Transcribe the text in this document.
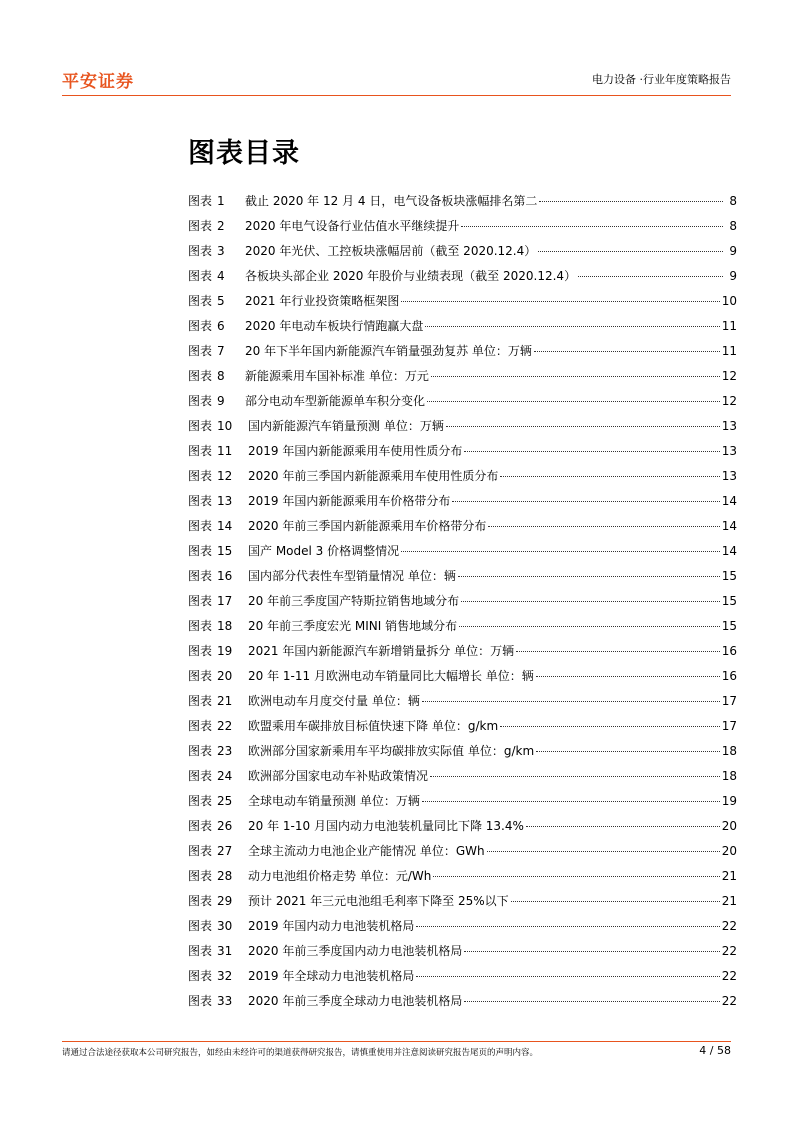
平安证券	电力设备 ·行业年度策略报告
图表目录
图表 1	截止 2020 年 12 月 4 日，电气设备板块涨幅排名第二	8
图表 2	2020 年电气设备行业估值水平继续提升	8
图表 3	2020 年光伏、工控板块涨幅居前（截至 2020.12.4）	9
图表 4	各板块头部企业 2020 年股价与业绩表现（截至 2020.12.4）	9
图表 5	2021 年行业投资策略框架图	10
图表 6	2020 年电动车板块行情跑赢大盘	11
图表 7	20 年下半年国内新能源汽车销量强劲复苏 单位：万辆	11
图表 8	新能源乘用车国补标准 单位：万元	12
图表 9	部分电动车型新能源单车积分变化	12
图表 10	国内新能源汽车销量预测 单位：万辆	13
图表 11	2019 年国内新能源乘用车使用性质分布	13
图表 12	2020 年前三季国内新能源乘用车使用性质分布	13
图表 13	2019 年国内新能源乘用车价格带分布	14
图表 14	2020 年前三季国内新能源乘用车价格带分布	14
图表 15	国产 Model 3 价格调整情况	14
图表 16	国内部分代表性车型销量情况 单位：辆	15
图表 17	20 年前三季度国产特斯拉销售地域分布	15
图表 18	20 年前三季度宏光 MINI 销售地域分布	15
图表 19	2021 年国内新能源汽车新增销量拆分 单位：万辆	16
图表 20	20 年 1-11 月欧洲电动车销量同比大幅增长 单位：辆	16
图表 21	欧洲电动车月度交付量 单位：辆	17
图表 22	欧盟乘用车碳排放目标值快速下降 单位：g/km	17
图表 23	欧洲部分国家新乘用车平均碳排放实际值 单位：g/km	18
图表 24	欧洲部分国家电动车补贴政策情况	18
图表 25	全球电动车销量预测 单位：万辆	19
图表 26	20 年 1-10 月国内动力电池装机量同比下降 13.4%	20
图表 27	全球主流动力电池企业产能情况 单位：GWh	20
图表 28	动力电池组价格走势 单位：元/Wh	21
图表 29	预计 2021 年三元电池组毛利率下降至 25%以下	21
图表 30	2019 年国内动力电池装机格局	22
图表 31	2020 年前三季度国内动力电池装机格局	22
图表 32	2019 年全球动力电池装机格局	22
图表 33	2020 年前三季度全球动力电池装机格局	22
请通过合法途径获取本公司研究报告，如经由未经许可的渠道获得研究报告，请慎重使用并注意阅读研究报告尾页的声明内容。	4 / 58
